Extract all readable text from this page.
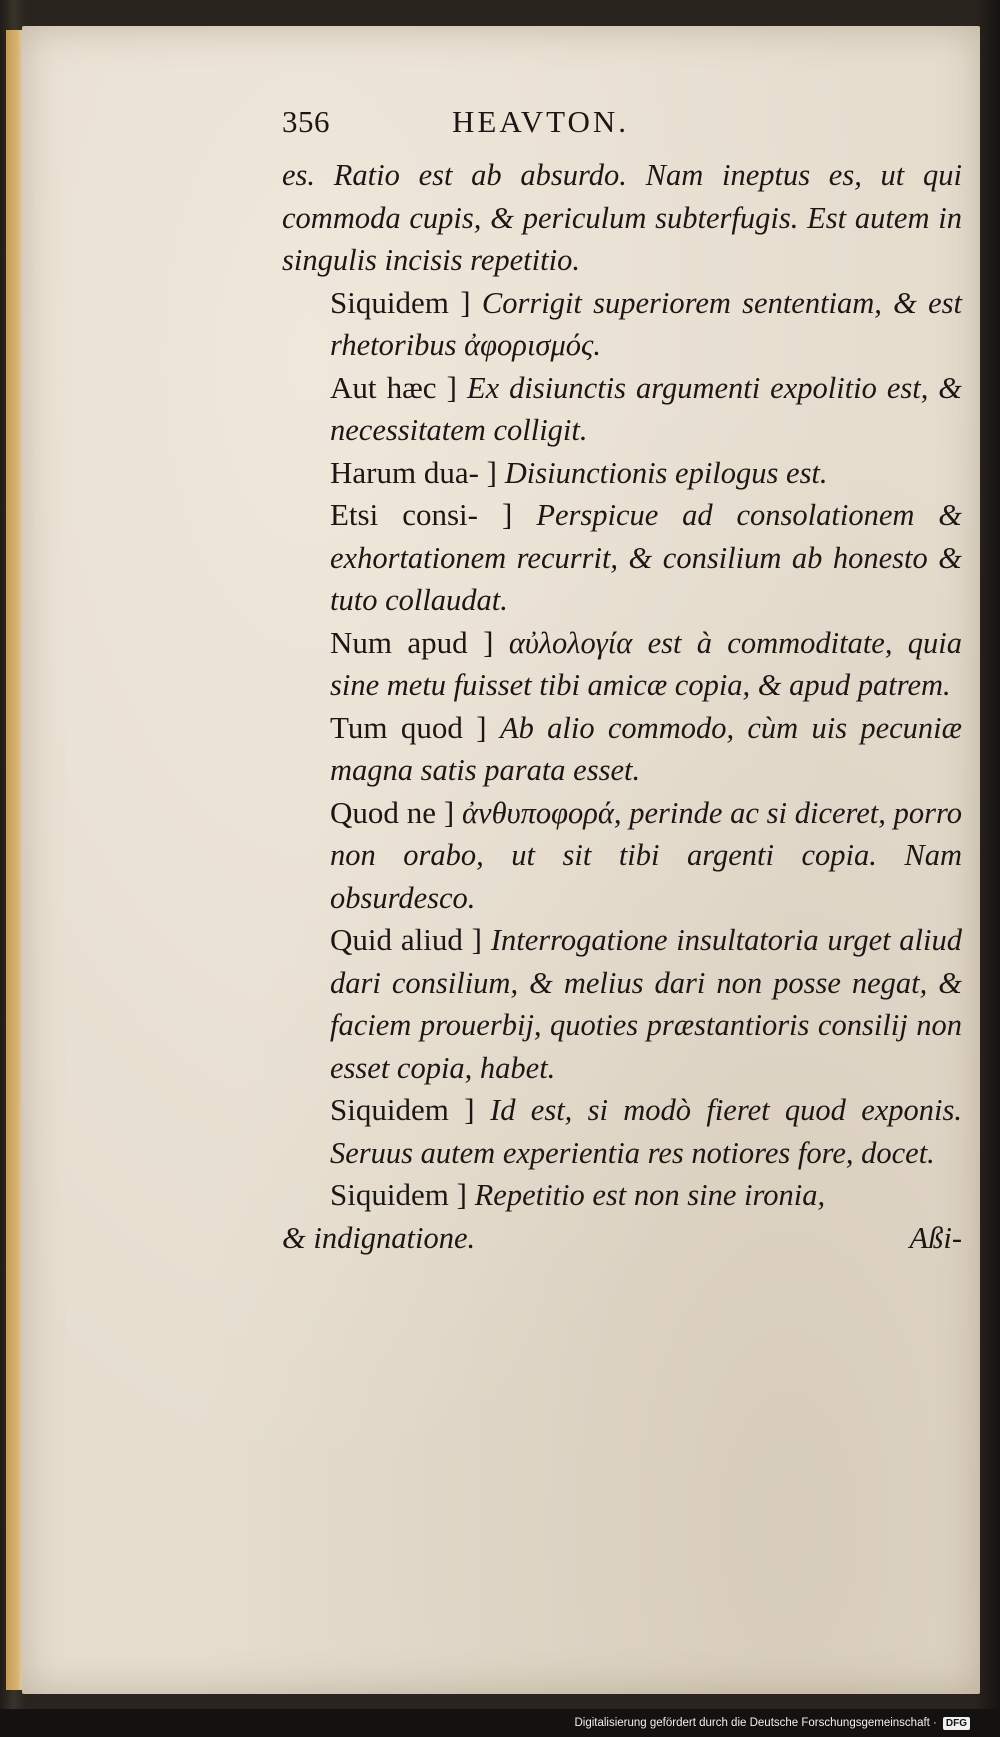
356	HEAVTON.

es. Ratio est ab absurdo. Nam ineptus es, ut qui commoda cupis, & periculum subterfugis. Est autem in singulis incisis repetitio.

Siquidem ] Corrigit superiorem sententiam, & est rhetoribus ἀφορισμός.

Aut hæc ] Ex disiunctis argumenti expolitio est, & necessitatem colligit.

Harum dua- ] Disiunctionis epilogus est.

Etsi consi- ] Perspicue ad consolationem & exhortationem recurrit, & consilium ab honesto & tuto collaudat.

Num apud ] αὐλολογία est à commoditate, quia sine metu fuisset tibi amicæ copia, & apud patrem.

Tum quod ] Ab alio commodo, cùm uis pecuniæ magna satis parata esset.

Quod ne ] ἀνθυποφορά, perinde ac si diceret, porro non orabo, ut sit tibi argenti copia. Nam obsurdesco.

Quid aliud ] Interrogatione insultatoria urget aliud dari consilium, & melius dari non posse negat, & faciem prouerbij, quoties præstantioris consilij non esset copia, habet.

Siquidem ] Id est, si modò fieret quod exponis. Seruus autem experientia res notiores fore, docet.

Siquidem ] Repetitio est non sine ironia,

& indignatione.	Aßi-
Digitalisierung gefördert durch die Deutsche Forschungsgemeinschaft · DFG
